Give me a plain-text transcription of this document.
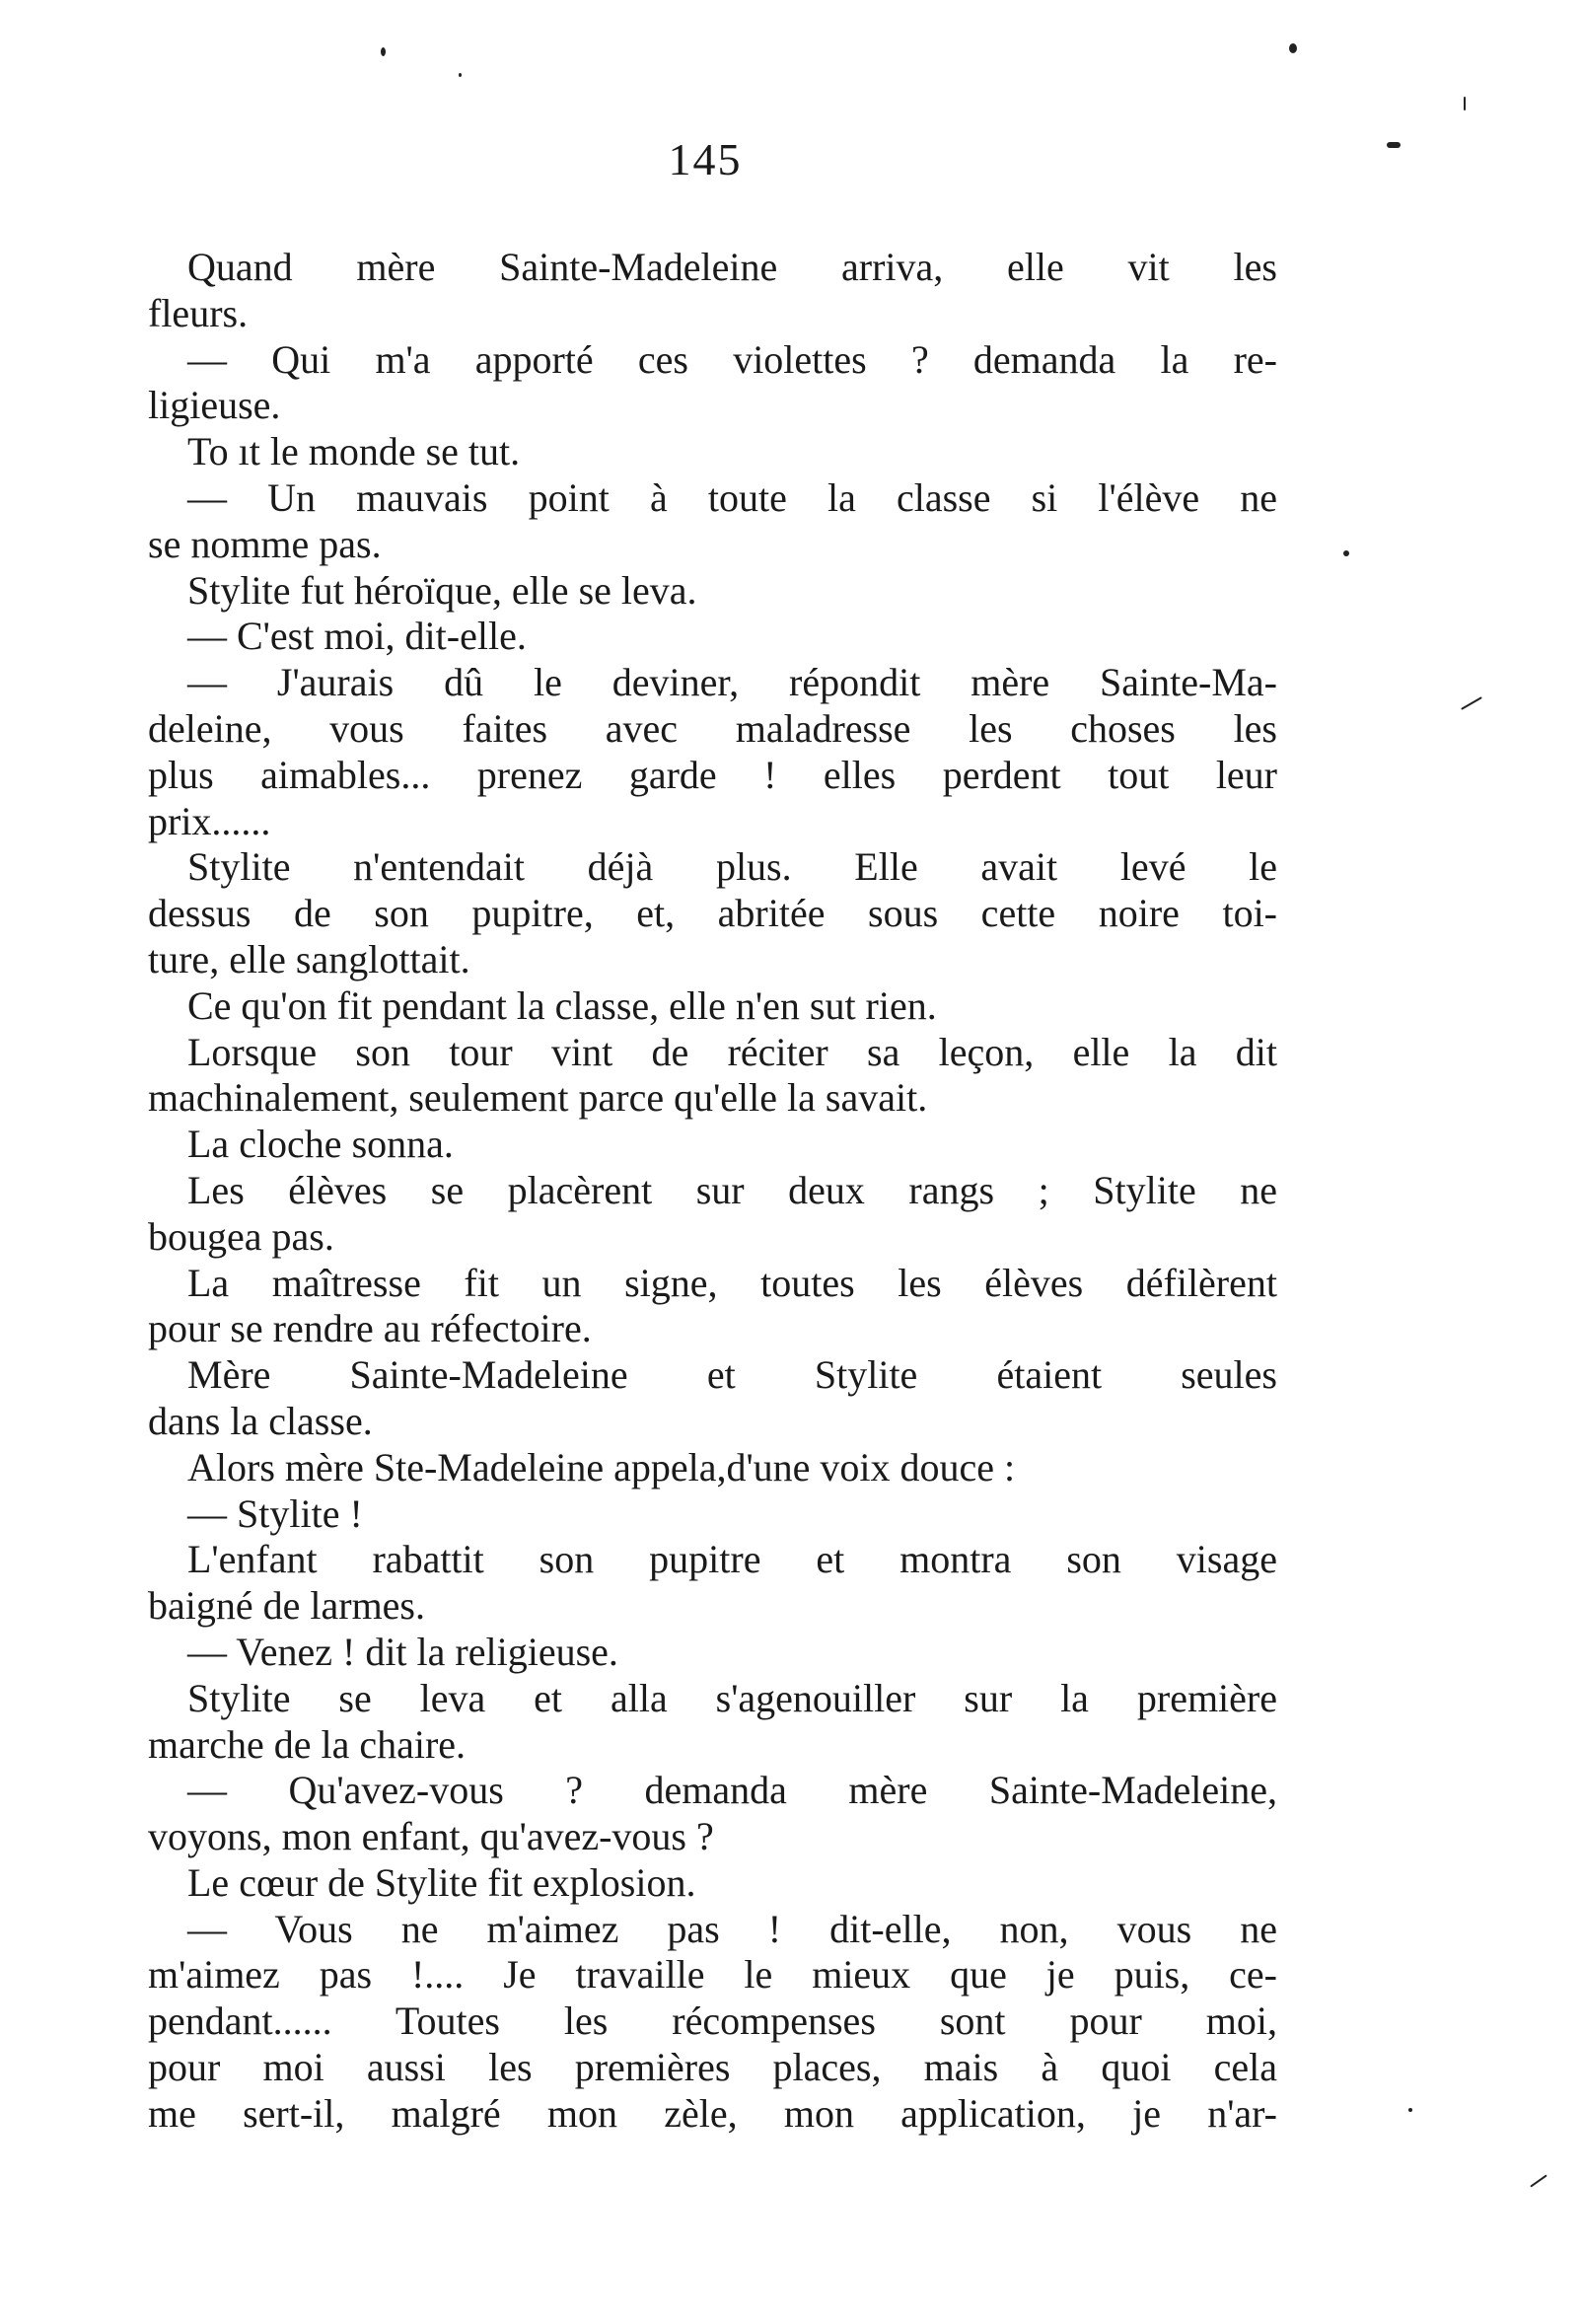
145
Quand mère Sainte-Madeleine arriva, elle vit les
fleurs.
— Qui m'a apporté ces violettes ? demanda la re-
ligieuse.
To ıt le monde se tut.
— Un mauvais point à toute la classe si l'élève ne
se nomme pas.
Stylite fut héroïque, elle se leva.
— C'est moi, dit-elle.
— J'aurais dû le deviner, répondit mère Sainte-Ma-
deleine, vous faites avec maladresse les choses les
plus aimables... prenez garde ! elles perdent tout leur
prix......
Stylite n'entendait déjà plus. Elle avait levé le
dessus de son pupitre, et, abritée sous cette noire toi-
ture, elle sanglottait.
Ce qu'on fit pendant la classe, elle n'en sut rien.
Lorsque son tour vint de réciter sa leçon, elle la dit
machinalement, seulement parce qu'elle la savait.
La cloche sonna.
Les élèves se placèrent sur deux rangs ; Stylite ne
bougea pas.
La maîtresse fit un signe, toutes les élèves défilèrent
pour se rendre au réfectoire.
Mère Sainte-Madeleine et Stylite étaient seules
dans la classe.
Alors mère Ste-Madeleine appela,d'une voix douce :
— Stylite !
L'enfant rabattit son pupitre et montra son visage
baigné de larmes.
— Venez ! dit la religieuse.
Stylite se leva et alla s'agenouiller sur la première
marche de la chaire.
— Qu'avez-vous ? demanda mère Sainte-Madeleine,
voyons, mon enfant, qu'avez-vous ?
Le cœur de Stylite fit explosion.
— Vous ne m'aimez pas ! dit-elle, non, vous ne
m'aimez pas !.... Je travaille le mieux que je puis, ce-
pendant...... Toutes les récompenses sont pour moi,
pour moi aussi les premières places, mais à quoi cela
me sert-il, malgré mon zèle, mon application, je n'ar-
